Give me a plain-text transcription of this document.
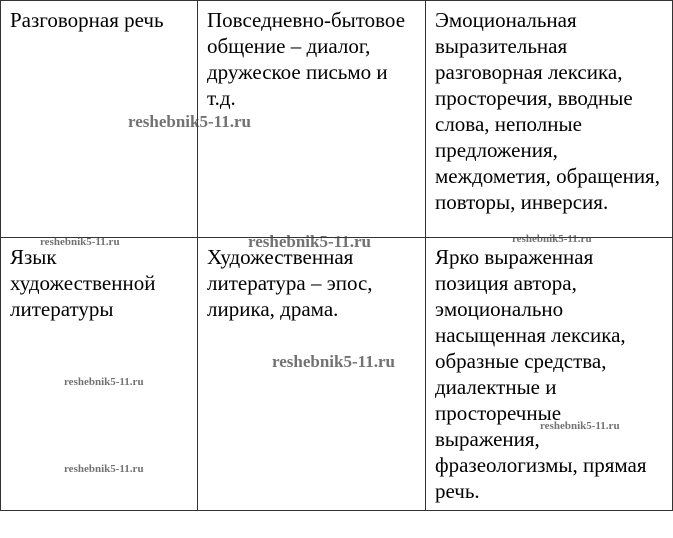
Разговорная речь	Повседневно-бытовое общение – диалог, дружеское письмо и т.д.	Эмоциональная выразительная разговорная лексика, просторечия, вводные слова, неполные предложения, междометия, обращения, повторы, инверсия.
Язык художественной литературы	Художественная литература – эпос, лирика, драма.	Ярко выраженная позиция автора, эмоционально насыщенная лексика, образные средства, диалектные и просторечные выражения, фразеологизмы, прямая речь.
reshebnik5-11.ru
reshebnik5-11.ru	reshebnik5-11.ru	reshebnik5-11.ru
reshebnik5-11.ru
reshebnik5-11.ru
reshebnik5-11.ru
reshebnik5-11.ru
